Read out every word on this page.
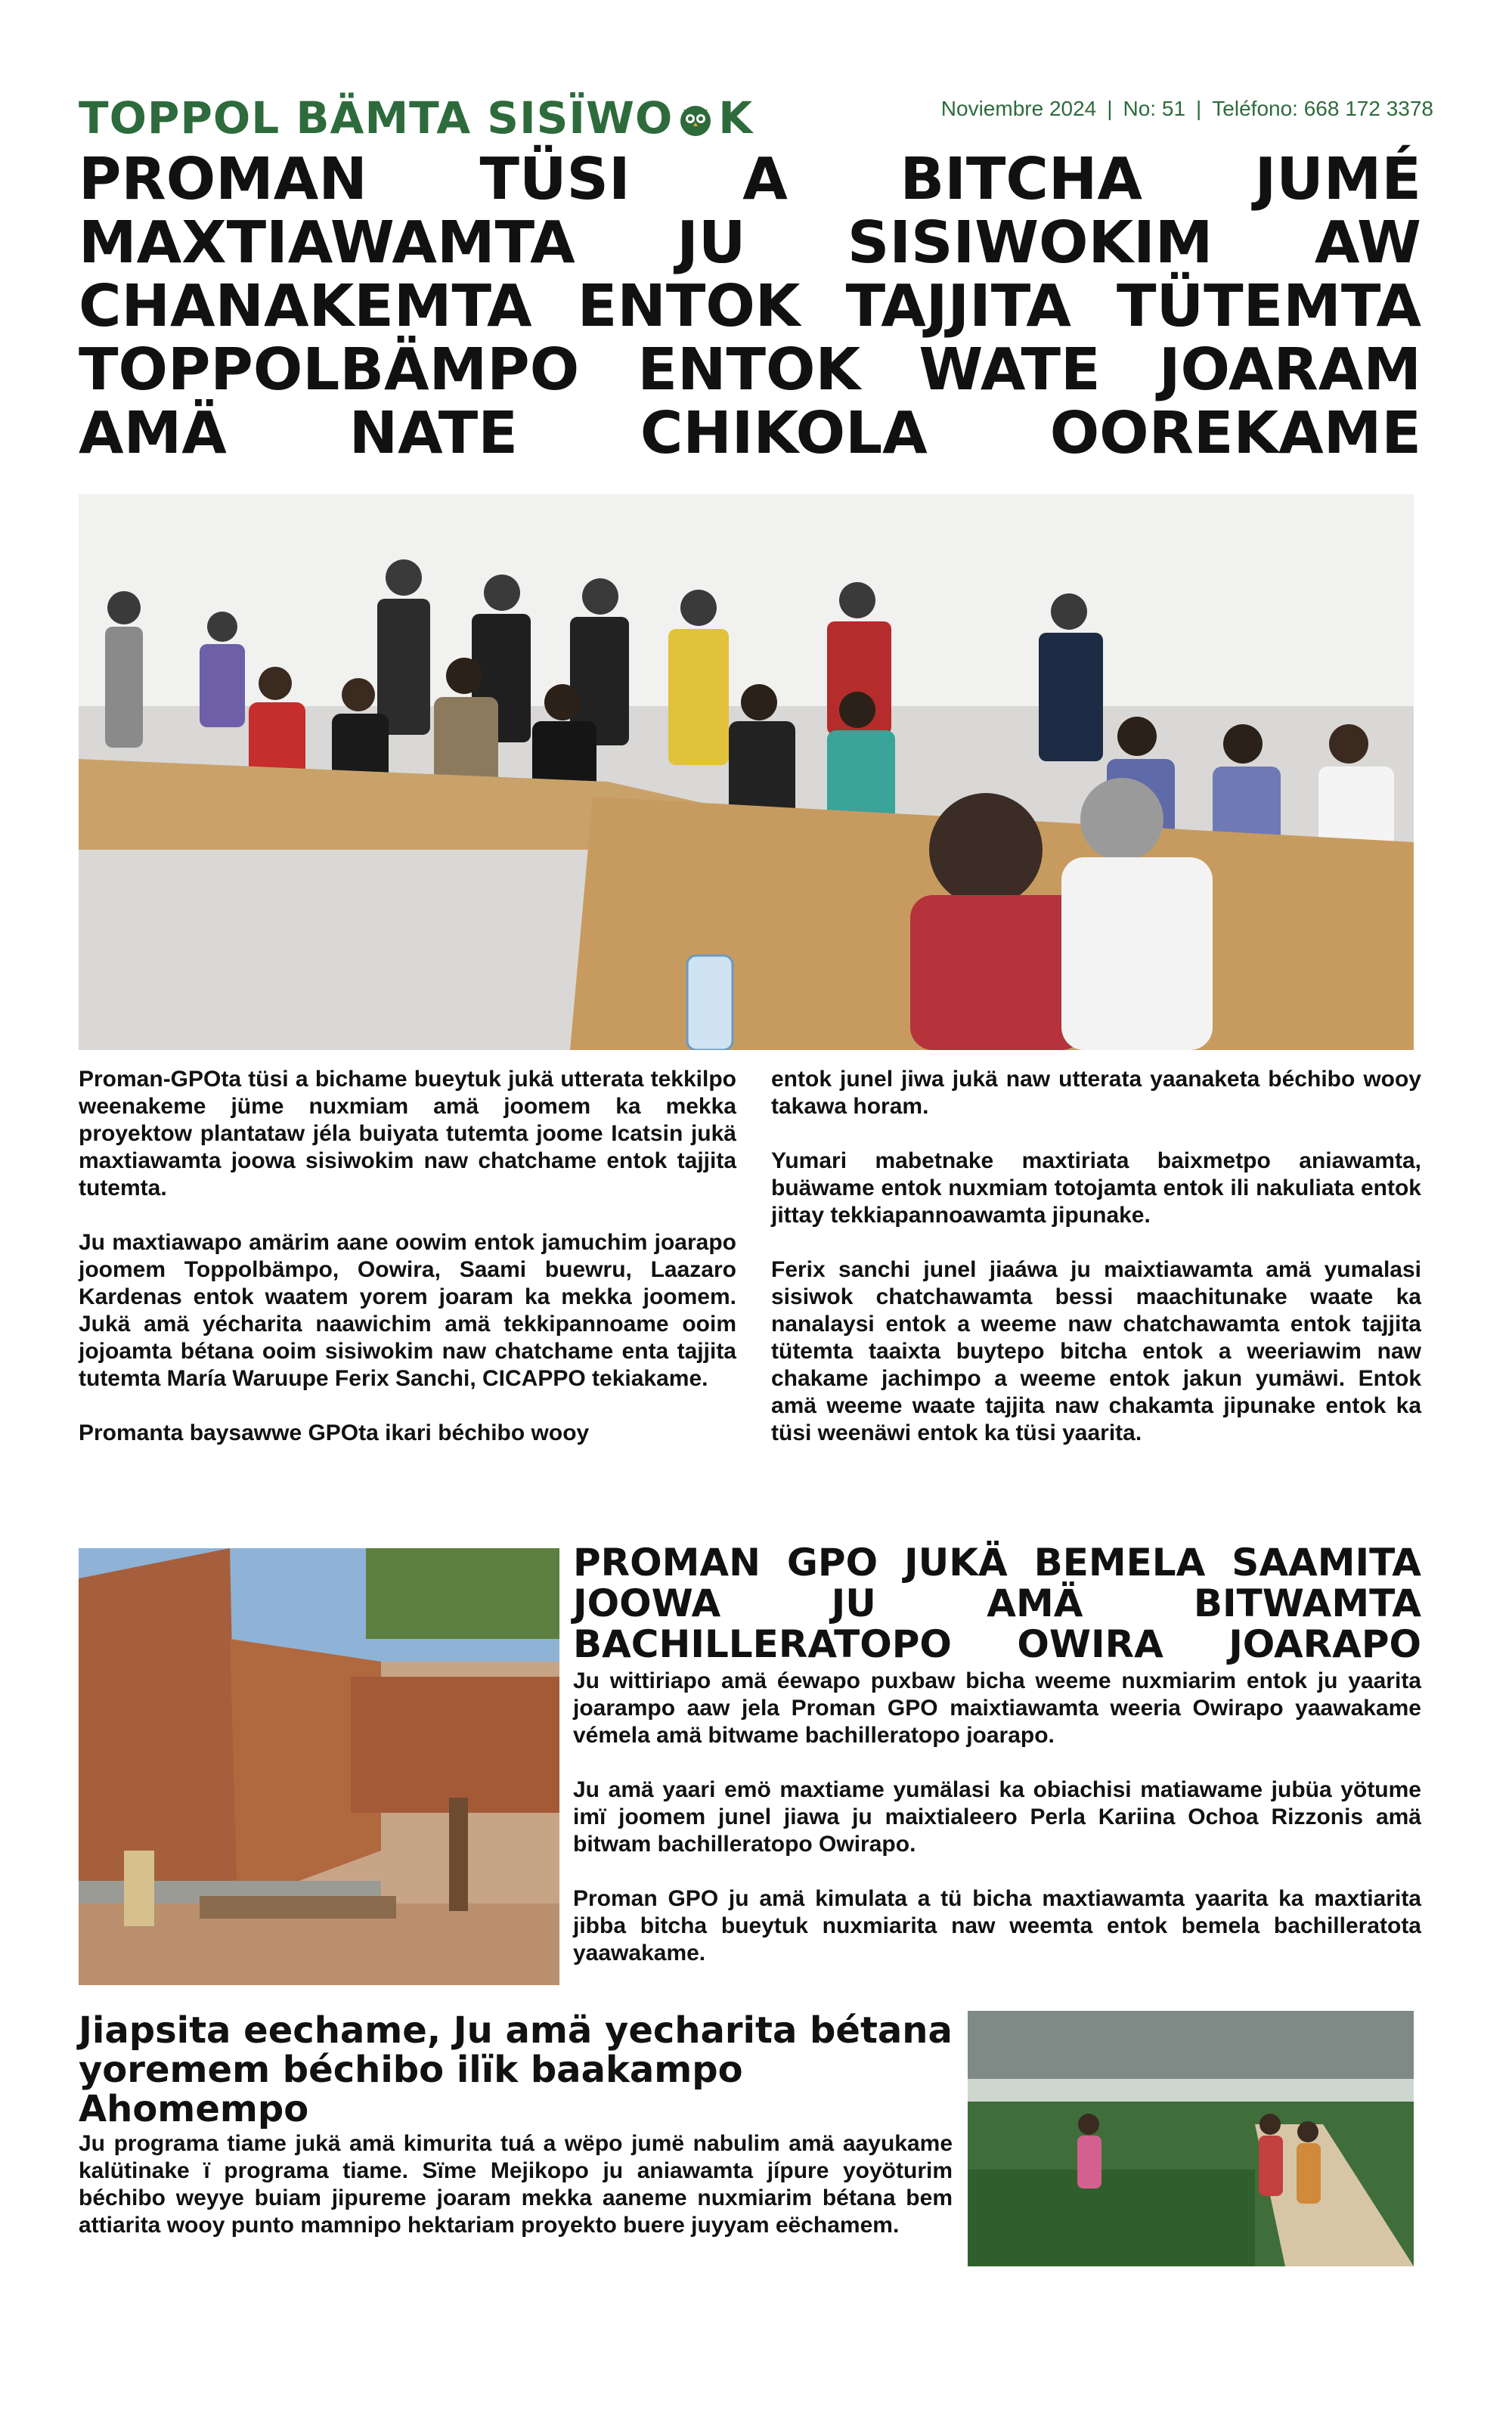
TOPPOL BÄMTA SISÏWO K	Noviembre 2024 | No: 51 | Teléfono: 668 172 3378
PROMAN TÜSI A BITCHA JUMÉ MAXTIAWAMTA JU SISIWOKIM AW CHANAKEMTA ENTOK TAJJITA TÜTEMTA TOPPOLBÄMPO ENTOK WATE JOARAM AMÄ NATE CHIKOLA OOREKAME

Proman-GPOta tüsi a bichame bueytuk jukä utterata tekkilpo weenakeme jüme nuxmiam amä joomem ka mekka proyektow plantataw jéla buiyata tutemta joome Icatsin jukä maxtiawamta joowa sisiwokim naw chatchame entok tajjita tutemta.

Ju maxtiawapo amärim aane oowim entok jamuchim joarapo joomem Toppolbämpo, Oowira, Saami buewru, Laazaro Kardenas entok waatem yorem joaram ka mekka joomem. Jukä amä yécharita naawichim amä tekkipannoame ooim jojoamta bétana ooim sisiwokim naw chatchame enta tajjita tutemta María Waruupe Ferix Sanchi, CICAPPO tekiakame.

Promanta baysawwe GPOta ikari béchibo wooy

entok junel jiwa jukä naw utterata yaanaketa béchibo wooy takawa horam.

Yumari mabetnake maxtiriata baixmetpo aniawamta, buäwame entok nuxmiam totojamta entok ili nakuliata entok jittay tekkiapannoawamta jipunake.

Ferix sanchi junel jiaáwa ju maixtiawamta amä yumalasi sisiwok chatchawamta bessi maachitunake waate ka nanalaysi entok a weeme naw chatchawamta entok tajjita tütemta taaixta buytepo bitcha entok a weeriawim naw chakame jachimpo a weeme entok jakun yumäwi. Entok amä weeme waate tajjita naw chakamta jipunake entok ka tüsi weenäwi entok ka tüsi yaarita.

PROMAN GPO JUKÄ BEMELA SAAMITA JOOWA JU AMÄ BITWAMTA BACHILLERATOPO OWIRA JOARAPO

Ju wittiriapo amä éewapo puxbaw bicha weeme nuxmiarim entok ju yaarita joarampo aaw jela Proman GPO maixtiawamta weeria Owirapo yaawakame vémela amä bitwame bachilleratopo joarapo.

Ju amä yaari emö maxtiame yumälasi ka obiachisi matiawame jubüa yötume imï joomem junel jiawa ju maixtialeero Perla Kariina Ochoa Rizzonis amä bitwam bachilleratopo Owirapo.

Proman GPO ju amä kimulata a tü bicha maxtiawamta yaarita ka maxtiarita jibba bitcha bueytuk nuxmiarita naw weemta entok bemela bachilleratota yaawakame.

Jiapsita eechame, Ju amä yecharita bétana yoremem béchibo ilïk baakampo Ahomempo

Ju programa tiame jukä amä kimurita tuá a wëpo jumë nabulim amä aayukame kalütinake ï programa tiame. Sïme Mejikopo ju aniawamta jípure yoyöturim béchibo weyye buiam jipureme joaram mekka aaneme nuxmiarim bétana bem attiarita wooy punto mamnipo hektariam proyekto buere juyyam eëchamem.
